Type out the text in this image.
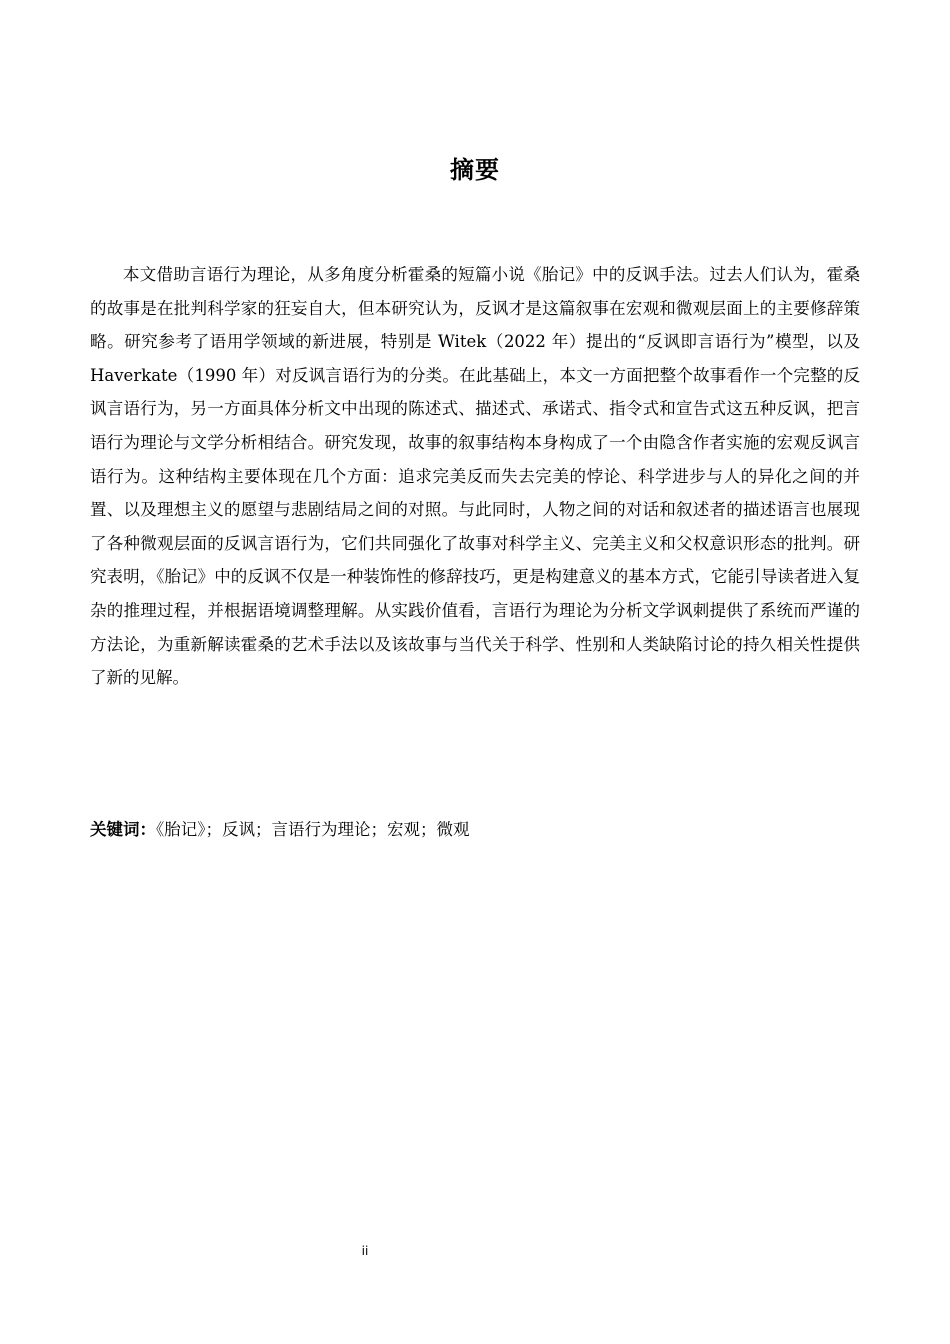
摘要

本文借助言语行为理论，从多角度分析霍桑的短篇小说《胎记》中的反讽手法。过去人们认为，霍桑的故事是在批判科学家的狂妄自大，但本研究认为，反讽才是这篇叙事在宏观和微观层面上的主要修辞策略。研究参考了语用学领域的新进展，特别是 Witek（2022 年）提出的“反讽即言语行为”模型，以及 Haverkate（1990 年）对反讽言语行为的分类。在此基础上，本文一方面把整个故事看作一个完整的反讽言语行为，另一方面具体分析文中出现的陈述式、描述式、承诺式、指令式和宣告式这五种反讽，把言语行为理论与文学分析相结合。研究发现，故事的叙事结构本身构成了一个由隐含作者实施的宏观反讽言语行为。这种结构主要体现在几个方面：追求完美反而失去完美的悖论、科学进步与人的异化之间的并置、以及理想主义的愿望与悲剧结局之间的对照。与此同时，人物之间的对话和叙述者的描述语言也展现了各种微观层面的反讽言语行为，它们共同强化了故事对科学主义、完美主义和父权意识形态的批判。研究表明，《胎记》中的反讽不仅是一种装饰性的修辞技巧，更是构建意义的基本方式，它能引导读者进入复杂的推理过程，并根据语境调整理解。从实践价值看，言语行为理论为分析文学讽刺提供了系统而严谨的方法论，为重新解读霍桑的艺术手法以及该故事与当代关于科学、性别和人类缺陷讨论的持久相关性提供了新的见解。

关键词：《胎记》；反讽；言语行为理论；宏观；微观

ii
